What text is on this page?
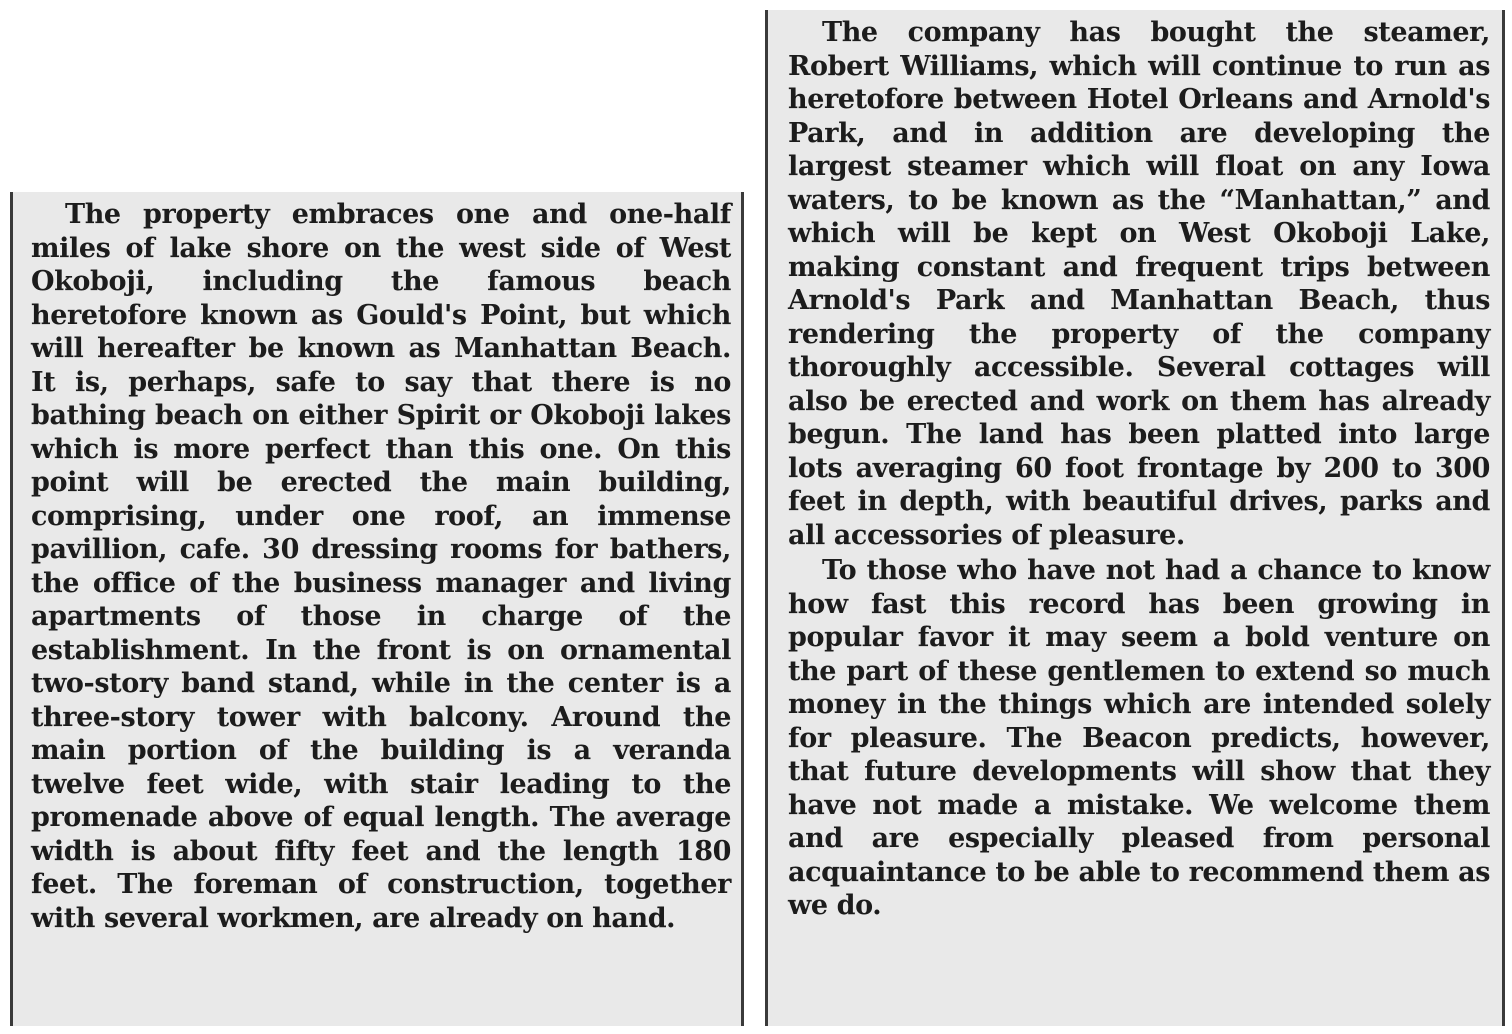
The property embraces one and one-half miles of lake shore on the west side of West Okoboji, including the famous beach heretofore known as Gould's Point, but which will hereafter be known as Manhattan Beach. It is, perhaps, safe to say that there is no bathing beach on either Spirit or Okoboji lakes which is more perfect than this one. On this point will be erected the main building, comprising, under one roof, an immense pavillion, cafe. 30 dressing rooms for bathers, the office of the business manager and living apartments of those in charge of the establishment. In the front is on ornamental two-story band stand, while in the center is a three-story tower with balcony. Around the main portion of the building is a veranda twelve feet wide, with stair leading to the promenade above of equal length. The average width is about fifty feet and the length 180 feet. The foreman of construction, together with several workmen, are already on hand.

The company has bought the steamer, Robert Williams, which will continue to run as heretofore between Hotel Orleans and Arnold's Park, and in addition are developing the largest steamer which will float on any Iowa waters, to be known as the “Manhattan,” and which will be kept on West Okoboji Lake, making constant and frequent trips between Arnold's Park and Manhattan Beach, thus rendering the property of the company thoroughly accessible. Several cottages will also be erected and work on them has already begun. The land has been platted into large lots averaging 60 foot frontage by 200 to 300 feet in depth, with beautiful drives, parks and all accessories of pleasure.

To those who have not had a chance to know how fast this record has been growing in popular favor it may seem a bold venture on the part of these gentlemen to extend so much money in the things which are intended solely for pleasure. The Beacon predicts, however, that future developments will show that they have not made a mistake. We welcome them and are especially pleased from personal acquaintance to be able to recommend them as we do.
